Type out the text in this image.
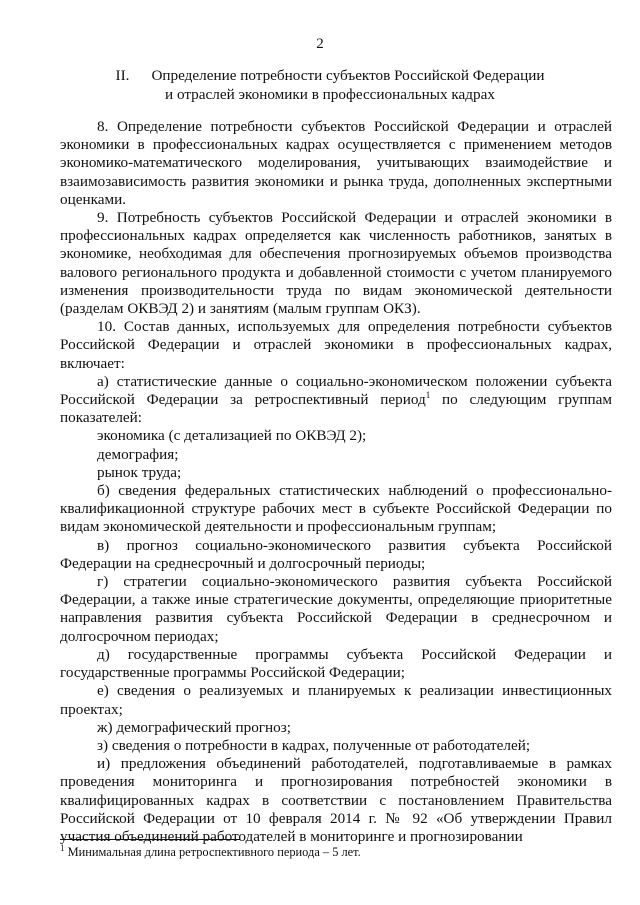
2
II. Определение потребности субъектов Российской Федерации
и отраслей экономики в профессиональных кадрах

8. Определение потребности субъектов Российской Федерации и отраслей экономики в профессиональных кадрах осуществляется с применением методов экономико-математического моделирования, учитывающих взаимодействие и взаимозависимость развития экономики и рынка труда, дополненных экспертными оценками.

9. Потребность субъектов Российской Федерации и отраслей экономики в профессиональных кадрах определяется как численность работников, занятых в экономике, необходимая для обеспечения прогнозируемых объемов производства валового регионального продукта и добавленной стоимости с учетом планируемого изменения производительности труда по видам экономической деятельности (разделам ОКВЭД 2) и занятиям (малым группам ОКЗ).

10. Состав данных, используемых для определения потребности субъектов Российской Федерации и отраслей экономики в профессиональных кадрах, включает:

а) статистические данные о социально-экономическом положении субъекта Российской Федерации за ретроспективный период$^1$ по следующим группам показателей:

экономика (с детализацией по ОКВЭД 2);

демография;

рынок труда;

б) сведения федеральных статистических наблюдений о профессионально-квалификационной структуре рабочих мест в субъекте Российской Федерации по видам экономической деятельности и профессиональным группам;

в) прогноз социально-экономического развития субъекта Российской Федерации на среднесрочный и долгосрочный периоды;

г) стратегии социально-экономического развития субъекта Российской Федерации, а также иные стратегические документы, определяющие приоритетные направления развития субъекта Российской Федерации в среднесрочном и долгосрочном периодах;

д) государственные программы субъекта Российской Федерации и государственные программы Российской Федерации;

е) сведения о реализуемых и планируемых к реализации инвестиционных проектах;

ж) демографический прогноз;

з) сведения о потребности в кадрах, полученные от работодателей;

и) предложения объединений работодателей, подготавливаемые в рамках проведения мониторинга и прогнозирования потребностей экономики в квалифицированных кадрах в соответствии с постановлением Правительства Российской Федерации от 10 февраля 2014 г. № 92 «Об утверждении Правил участия объединений работодателей в мониторинге и прогнозировании

$^1$ Минимальная длина ретроспективного периода – 5 лет.
